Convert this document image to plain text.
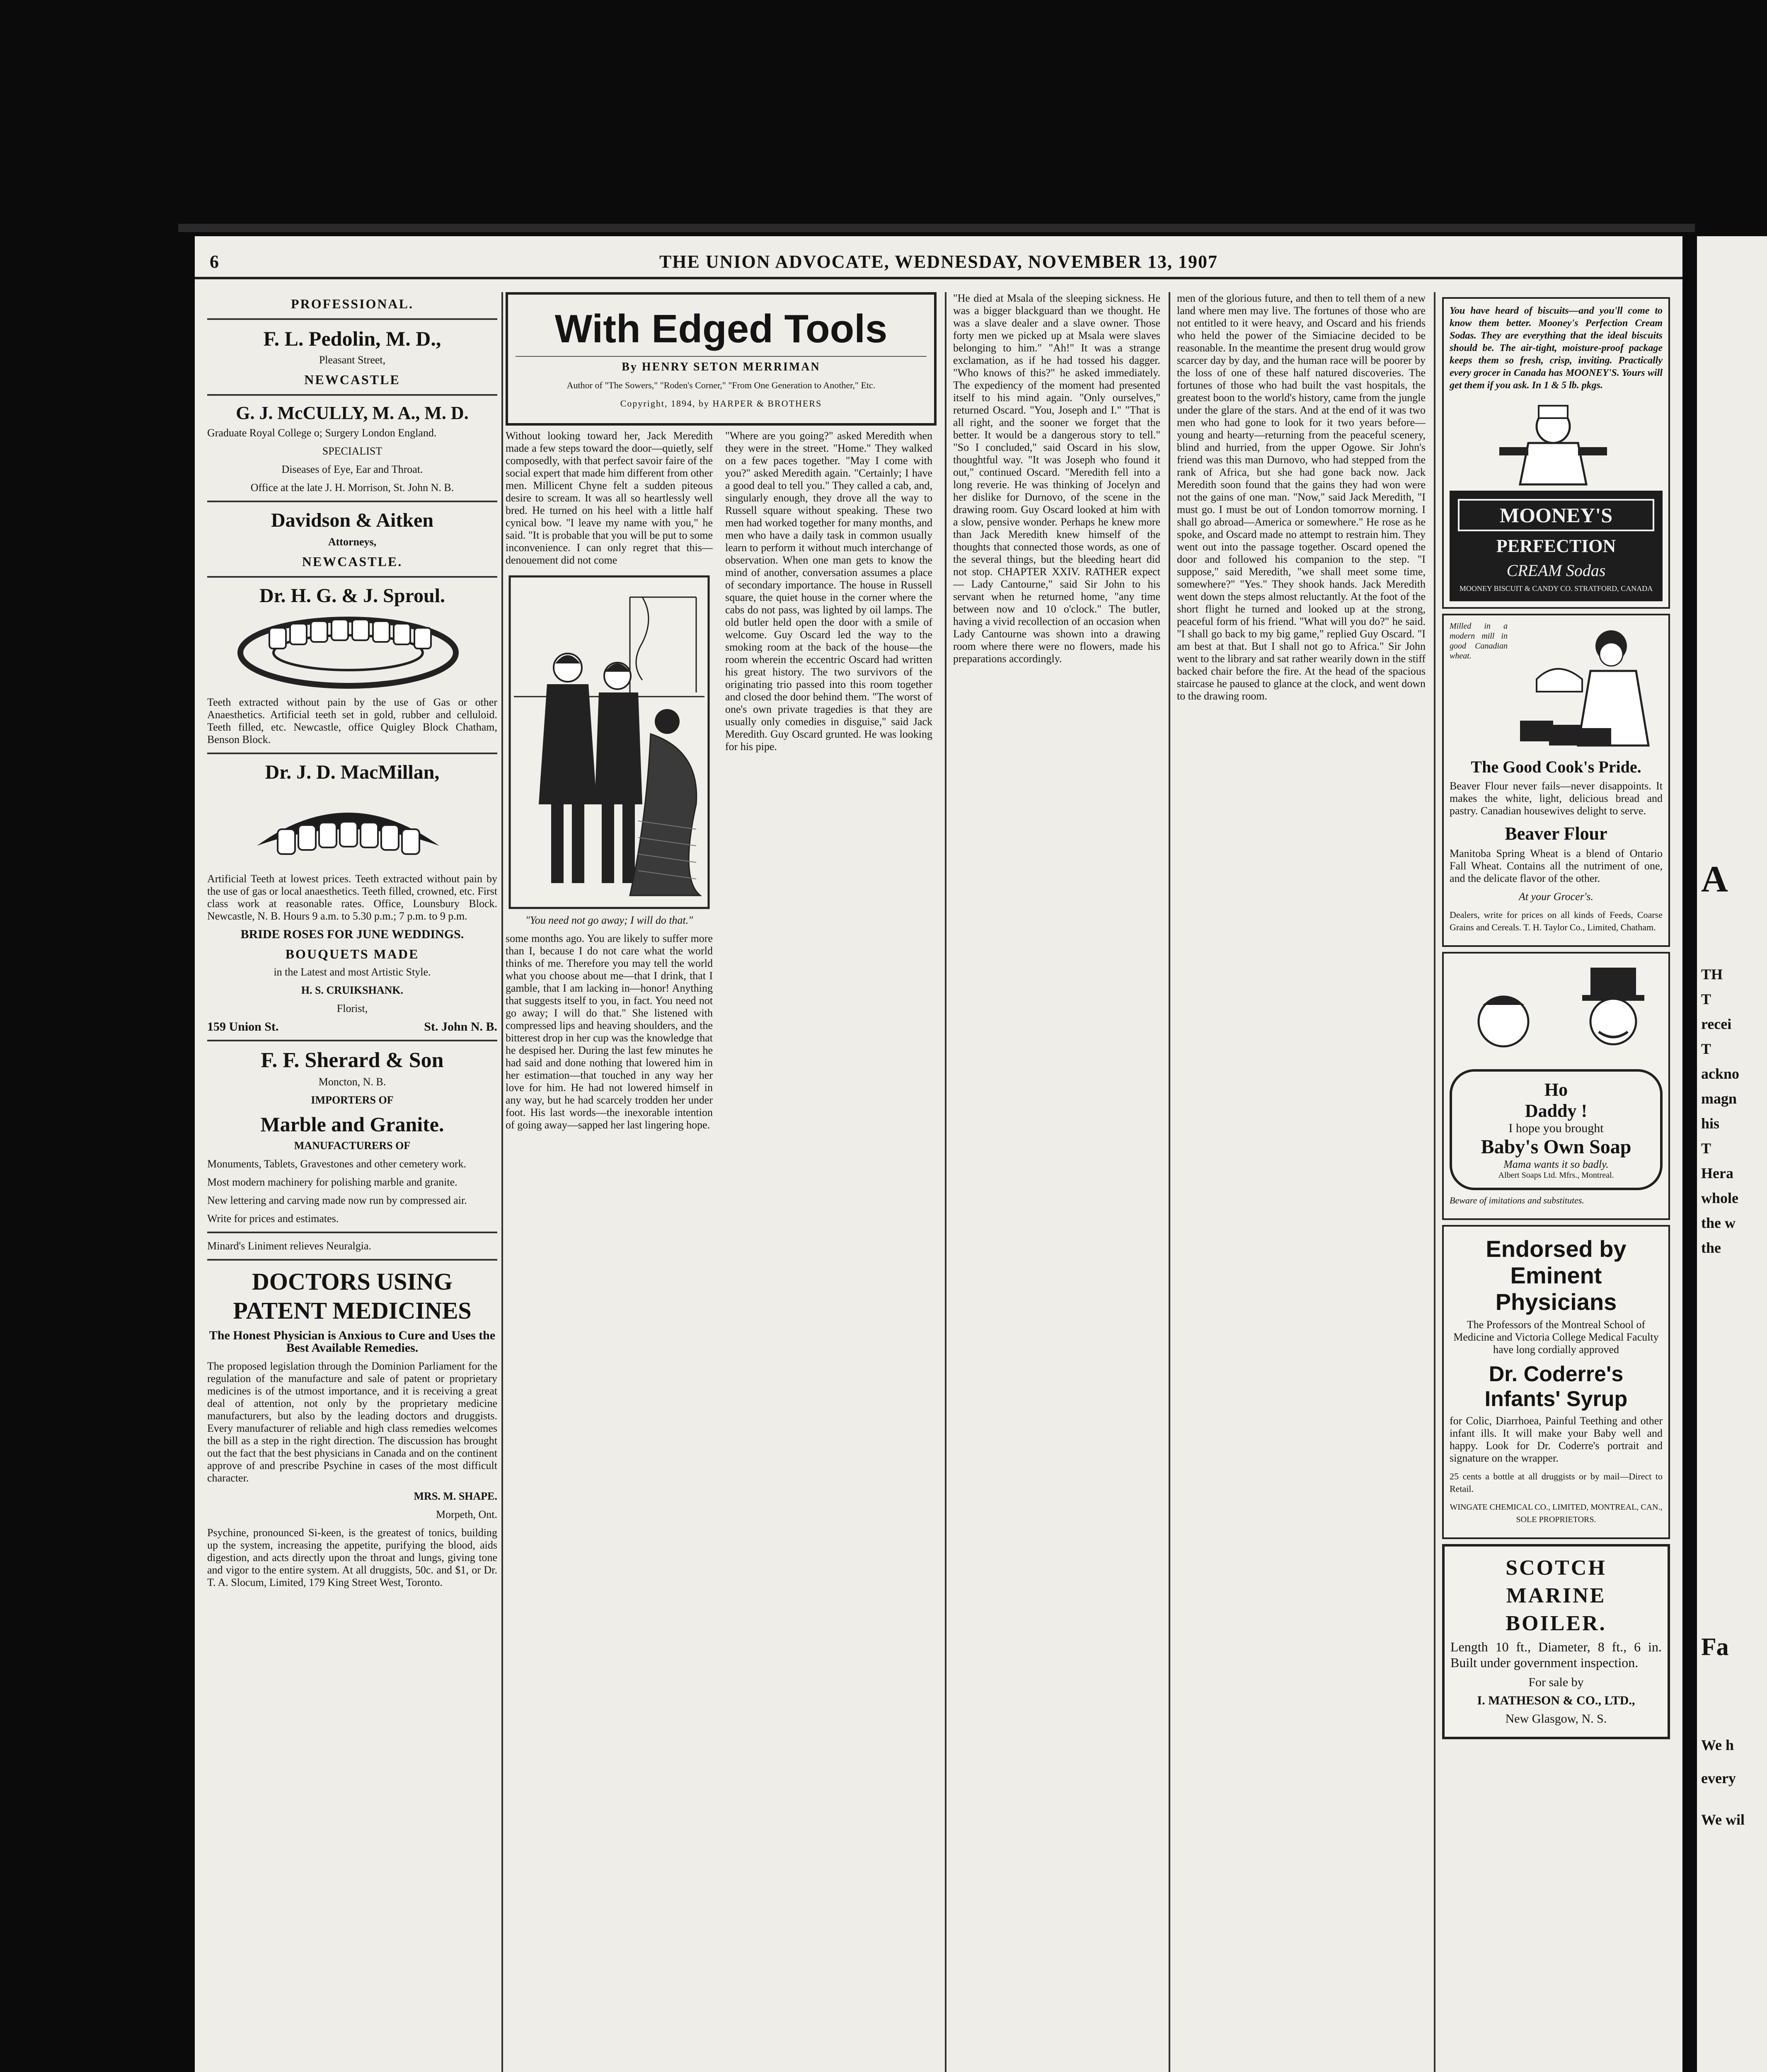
6	THE UNION ADVOCATE, WEDNESDAY, NOVEMBER 13, 1907
PROFESSIONAL.
F. L. Pedolin, M. D.,
Pleasant Street,
NEWCASTLE
G. J. McCULLY, M. A., M. D.
Graduate Royal College o; Surgery London England.
SPECIALIST
Diseases of Eye, Ear and Throat.
Office at the late J. H. Morrison, St. John N. B.
Davidson & Aitken
Attorneys,
NEWCASTLE.
Dr. H. G. & J. Sproul.
Teeth extracted without pain by the use of Gas or other Anaesthetics. Artificial teeth set in gold, rubber and celluloid. Teeth filled, etc. Newcastle, office Quigley Block Chatham, Benson Block.
Dr. J. D. MacMillan,
Artificial Teeth at lowest prices. Teeth extracted without pain by the use of gas or local anaesthetics. Teeth filled, crowned, etc. First class work at reasonable rates. Office, Lounsbury Block. Newcastle, N. B. Hours 9 a.m. to 5.30 p.m.; 7 p.m. to 9 p.m.
BRIDE ROSES FOR JUNE WEDDINGS.
BOUQUETS MADE
in the Latest and most Artistic Style.
H. S. CRUIKSHANK.
Florist,
159 Union St.	St. John N. B.
F. F. Sherard & Son
Moncton, N. B.
IMPORTERS OF
Marble and Granite.
MANUFACTURERS OF
Monuments, Tablets, Gravestones and other cemetery work.
Most modern machinery for polishing marble and granite.
New lettering and carving made now run by compressed air.
Write for prices and estimates.
Minard's Liniment relieves Neuralgia.
DOCTORS USING PATENT MEDICINES
The Honest Physician is Anxious to Cure and Uses the Best Available Remedies.
The proposed legislation through the Dominion Parliament for the regulation of the manufacture and sale of patent or proprietary medicines is of the utmost importance, and it is receiving a great deal of attention, not only by the proprietary medicine manufacturers, but also by the leading doctors and druggists. Every manufacturer of reliable and high class remedies welcomes the bill as a step in the right direction. The discussion has brought out the fact that the best physicians in Canada and on the continent approve of and prescribe Psychine in cases of the most difficult character.
MRS. M. SHAPE.
Morpeth, Ont.
Psychine, pronounced Si-keen, is the greatest of tonics, building up the system, increasing the appetite, purifying the blood, aids digestion, and acts directly upon the throat and lungs, giving tone and vigor to the entire system. At all druggists, 50c. and $1, or Dr. T. A. Slocum, Limited, 179 King Street West, Toronto.
With Edged Tools
By HENRY SETON MERRIMAN
Author of "The Sowers," "Roden's Corner," "From One Generation to Another," Etc.
Copyright, 1894, by HARPER & BROTHERS
Without looking toward her, Jack Meredith made a few steps toward the door—quietly, self composedly, with that perfect savoir faire of the social expert that made him different from other men. Millicent Chyne felt a sudden piteous desire to scream. It was all so heartlessly well bred. He turned on his heel with a little half cynical bow. "I leave my name with you," he said. "It is probable that you will be put to some inconvenience. I can only regret that this—denouement did not come
"You need not go away; I will do that."
some months ago. You are likely to suffer more than I, because I do not care what the world thinks of me. Therefore you may tell the world what you choose about me—that I drink, that I gamble, that I am lacking in—honor! Anything that suggests itself to you, in fact. You need not go away; I will do that." She listened with compressed lips and heaving shoulders, and the bitterest drop in her cup was the knowledge that he despised her. During the last few minutes he had said and done nothing that lowered him in her estimation—that touched in any way her love for him. He had not lowered himself in any way, but he had scarcely trodden her under foot. His last words—the inexorable intention of going away—sapped her last lingering hope.
"Where are you going?" asked Meredith when they were in the street. "Home." They walked on a few paces together. "May I come with you?" asked Meredith again. "Certainly; I have a good deal to tell you." They called a cab, and, singularly enough, they drove all the way to Russell square without speaking. These two men had worked together for many months, and men who have a daily task in common usually learn to perform it without much interchange of observation. When one man gets to know the mind of another, conversation assumes a place of secondary importance. The house in Russell square, the quiet house in the corner where the cabs do not pass, was lighted by oil lamps. The old butler held open the door with a smile of welcome. Guy Oscard led the way to the smoking room at the back of the house—the room wherein the eccentric Oscard had written his great history. The two survivors of the originating trio passed into this room together and closed the door behind them. "The worst of one's own private tragedies is that they are usually only comedies in disguise," said Jack Meredith. Guy Oscard grunted. He was looking for his pipe.
"He died at Msala of the sleeping sickness. He was a bigger blackguard than we thought. He was a slave dealer and a slave owner. Those forty men we picked up at Msala were slaves belonging to him." "Ah!" It was a strange exclamation, as if he had tossed his dagger. "Who knows of this?" he asked immediately. The expediency of the moment had presented itself to his mind again. "Only ourselves," returned Oscard. "You, Joseph and I." "That is all right, and the sooner we forget that the better. It would be a dangerous story to tell." "So I concluded," said Oscard in his slow, thoughtful way. "It was Joseph who found it out," continued Oscard. "Meredith fell into a long reverie. He was thinking of Jocelyn and her dislike for Durnovo, of the scene in the drawing room. Guy Oscard looked at him with a slow, pensive wonder. Perhaps he knew more than Jack Meredith knew himself of the thoughts that connected those words, as one of the several things, but the bleeding heart did not stop. CHAPTER XXIV. RATHER expect — Lady Cantourne," said Sir John to his servant when he returned home, "any time between now and 10 o'clock." The butler, having a vivid recollection of an occasion when Lady Cantourne was shown into a drawing room where there were no flowers, made his preparations accordingly.
men of the glorious future, and then to tell them of a new land where men may live. The fortunes of those who are not entitled to it were heavy, and Oscard and his friends who held the power of the Simiacine decided to be reasonable. In the meantime the present drug would grow scarcer day by day, and the human race will be poorer by the loss of one of these half natured discoveries. The fortunes of those who had built the vast hospitals, the greatest boon to the world's history, came from the jungle under the glare of the stars. And at the end of it was two men who had gone to look for it two years before—young and hearty—returning from the peaceful scenery, blind and hurried, from the upper Ogowe. Sir John's friend was this man Durnovo, who had stepped from the rank of Africa, but she had gone back now. Jack Meredith soon found that the gains they had won were not the gains of one man. "Now," said Jack Meredith, "I must go. I must be out of London tomorrow morning. I shall go abroad—America or somewhere." He rose as he spoke, and Oscard made no attempt to restrain him. They went out into the passage together. Oscard opened the door and followed his companion to the step. "I suppose," said Meredith, "we shall meet some time, somewhere?" "Yes." They shook hands. Jack Meredith went down the steps almost reluctantly. At the foot of the short flight he turned and looked up at the strong, peaceful form of his friend. "What will you do?" he said. "I shall go back to my big game," replied Guy Oscard. "I am best at that. But I shall not go to Africa." Sir John went to the library and sat rather wearily down in the stiff backed chair before the fire. At the head of the spacious staircase he paused to glance at the clock, and went down to the drawing room.
You have heard of biscuits—and you'll come to know them better. Mooney's Perfection Cream Sodas. They are everything that the ideal biscuits should be. The air-tight, moisture-proof package keeps them so fresh, crisp, inviting. Practically every grocer in Canada has MOONEY'S. Yours will get them if you ask. In 1 & 5 lb. pkgs.
MOONEY'S
PERFECTION
CREAM Sodas
MOONEY BISCUIT & CANDY CO. STRATFORD, CANADA
Milled in a modern mill in good Canadian wheat.
The Good Cook's Pride.
Beaver Flour never fails—never disappoints. It makes the white, light, delicious bread and pastry. Canadian housewives delight to serve.
Beaver Flour
Manitoba Spring Wheat is a blend of Ontario Fall Wheat. Contains all the nutriment of one, and the delicate flavor of the other.
At your Grocer's.
Dealers, write for prices on all kinds of Feeds, Coarse Grains and Cereals. T. H. Taylor Co., Limited, Chatham.
Ho
Daddy !
I hope you brought
Baby's Own Soap
Mama wants it so badly.
Albert Soaps Ltd. Mfrs., Montreal.
Beware of imitations and substitutes.
Endorsed by Eminent Physicians
The Professors of the Montreal School of Medicine and Victoria College Medical Faculty have long cordially approved
Dr. Coderre's Infants' Syrup
for Colic, Diarrhoea, Painful Teething and other infant ills. It will make your Baby well and happy. Look for Dr. Coderre's portrait and signature on the wrapper.
25 cents a bottle at all druggists or by mail—Direct to Retail.
WINGATE CHEMICAL CO., LIMITED, MONTREAL, CAN., SOLE PROPRIETORS.
SCOTCH
MARINE
BOILER.
Length 10 ft., Diameter, 8 ft., 6 in. Built under government inspection.
For sale by
I. MATHESON & CO., LTD.,
New Glasgow, N. S.
A
TH
T
recei
T
ackno
magn
his
T
Hera
whole
the w
the
Fa
We h
every
We wil
